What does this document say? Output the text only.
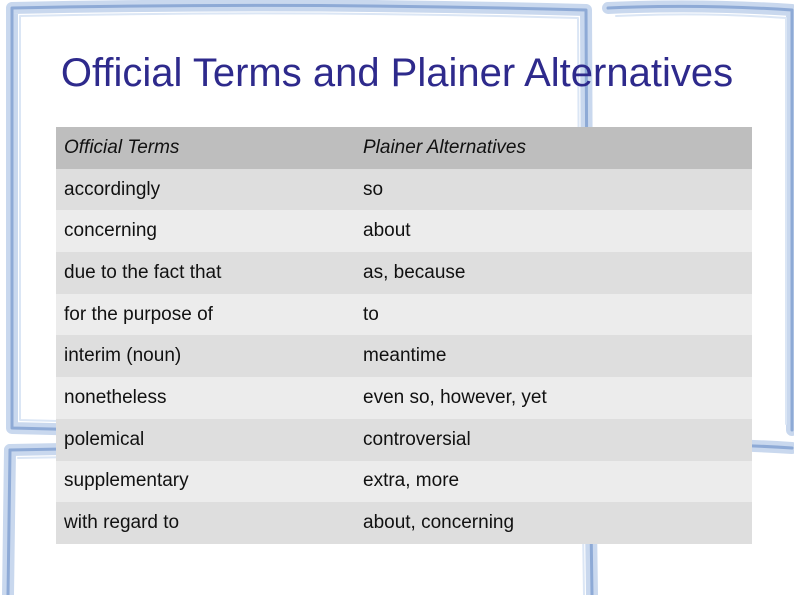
Official Terms and Plainer Alternatives
Official Terms	Plainer Alternatives
accordingly	so
concerning	about
due to the fact that	as, because
for the purpose of	to
interim (noun)	meantime
nonetheless	even so, however, yet
polemical	controversial
supplementary	extra, more
with regard to	about, concerning
